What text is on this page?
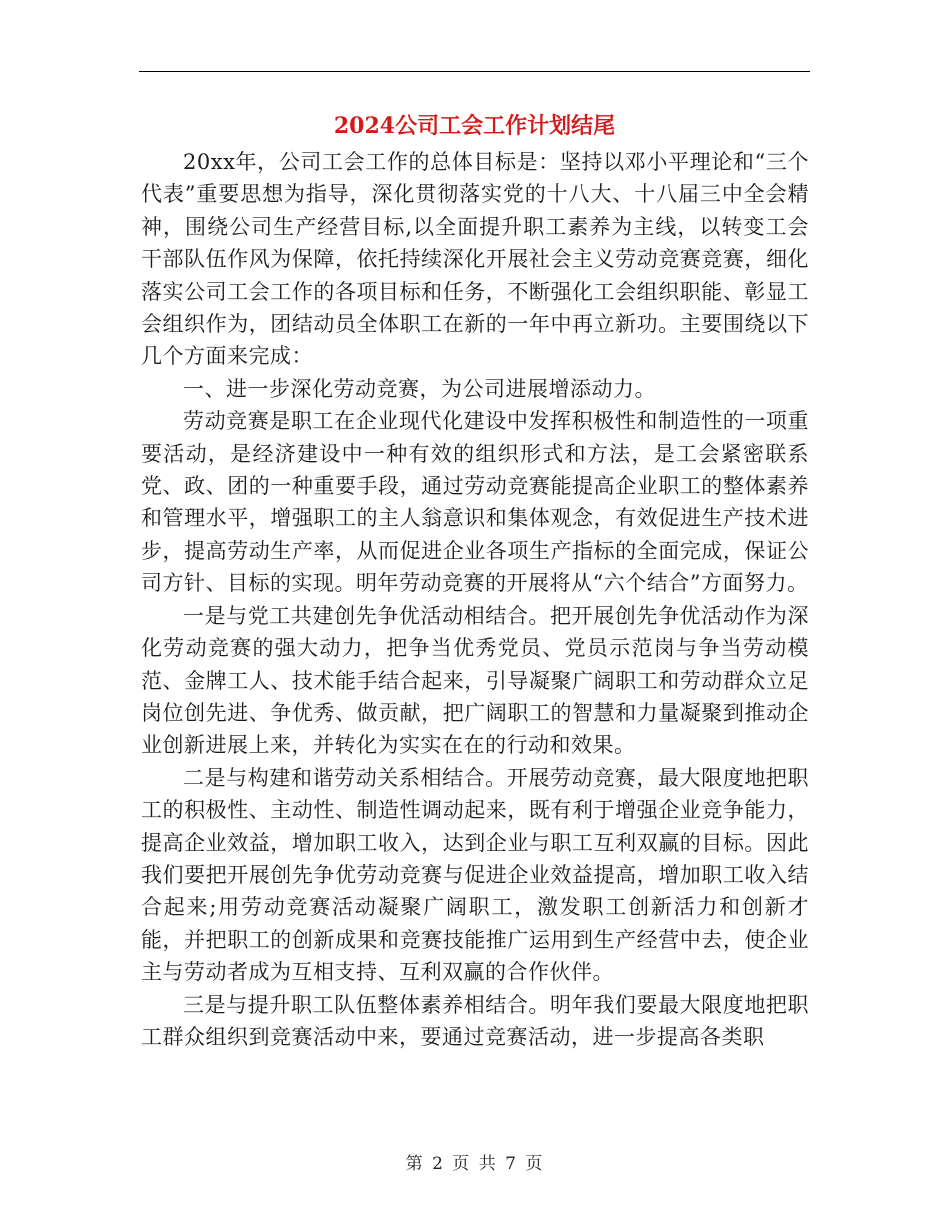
2024公司工会工作计划结尾

20xx年，公司工会工作的总体目标是：坚持以邓小平理论和“三个代表”重要思想为指导，深化贯彻落实党的十八大、十八届三中全会精神，围绕公司生产经营目标,以全面提升职工素养为主线，以转变工会干部队伍作风为保障，依托持续深化开展社会主义劳动竞赛竞赛，细化落实公司工会工作的各项目标和任务，不断强化工会组织职能、彰显工会组织作为，团结动员全体职工在新的一年中再立新功。主要围绕以下几个方面来完成：

一、进一步深化劳动竞赛，为公司进展增添动力。

劳动竞赛是职工在企业现代化建设中发挥积极性和制造性的一项重要活动，是经济建设中一种有效的组织形式和方法，是工会紧密联系党、政、团的一种重要手段，通过劳动竞赛能提高企业职工的整体素养和管理水平，增强职工的主人翁意识和集体观念，有效促进生产技术进步，提高劳动生产率，从而促进企业各项生产指标的全面完成，保证公司方针、目标的实现。明年劳动竞赛的开展将从“六个结合”方面努力。

一是与党工共建创先争优活动相结合。把开展创先争优活动作为深化劳动竞赛的强大动力，把争当优秀党员、党员示范岗与争当劳动模范、金牌工人、技术能手结合起来，引导凝聚广阔职工和劳动群众立足岗位创先进、争优秀、做贡献，把广阔职工的智慧和力量凝聚到推动企业创新进展上来，并转化为实实在在的行动和效果。

二是与构建和谐劳动关系相结合。开展劳动竞赛，最大限度地把职工的积极性、主动性、制造性调动起来，既有利于增强企业竞争能力，提高企业效益，增加职工收入，达到企业与职工互利双赢的目标。因此我们要把开展创先争优劳动竞赛与促进企业效益提高，增加职工收入结合起来;用劳动竞赛活动凝聚广阔职工，激发职工创新活力和创新才能，并把职工的创新成果和竞赛技能推广运用到生产经营中去，使企业主与劳动者成为互相支持、互利双赢的合作伙伴。

三是与提升职工队伍整体素养相结合。明年我们要最大限度地把职工群众组织到竞赛活动中来，要通过竞赛活动，进一步提高各类职

第 2 页 共 7 页
